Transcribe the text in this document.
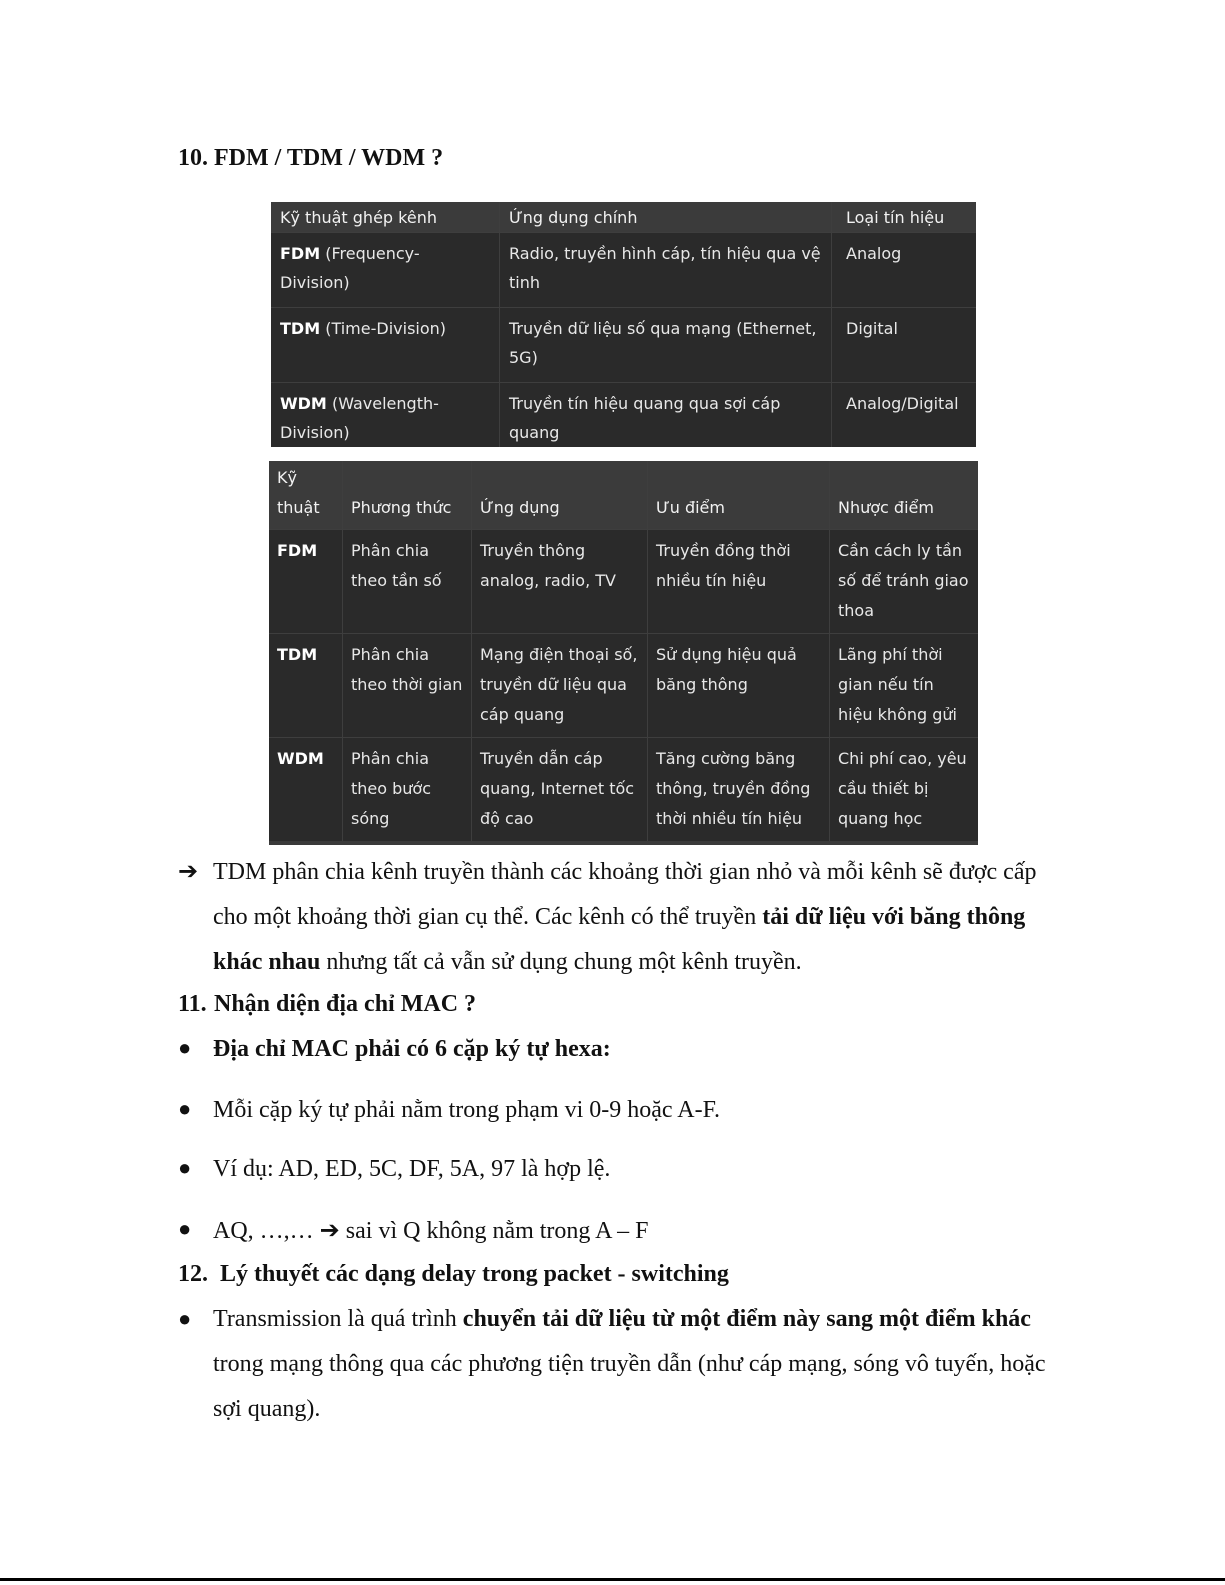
10. FDM / TDM / WDM ?
Kỹ thuật ghép kênh	Ứng dụng chính	Loại tín hiệu
FDM (Frequency-Division)	Radio, truyền hình cáp, tín hiệu qua vệ tinh	Analog
TDM (Time-Division)	Truyền dữ liệu số qua mạng (Ethernet, 5G)	Digital
WDM (Wavelength-Division)	Truyền tín hiệu quang qua sợi cáp quang	Analog/Digital
Kỹ thuật	Phương thức	Ứng dụng	Ưu điểm	Nhược điểm
FDM	Phân chia theo tần số	Truyền thông analog, radio, TV	Truyền đồng thời nhiều tín hiệu	Cần cách ly tần số để tránh giao thoa
TDM	Phân chia theo thời gian	Mạng điện thoại số, truyền dữ liệu qua cáp quang	Sử dụng hiệu quả băng thông	Lãng phí thời gian nếu tín hiệu không gửi
WDM	Phân chia theo bước sóng	Truyền dẫn cáp quang, Internet tốc độ cao	Tăng cường băng thông, truyền đồng thời nhiều tín hiệu	Chi phí cao, yêu cầu thiết bị quang học
➔ TDM phân chia kênh truyền thành các khoảng thời gian nhỏ và mỗi kênh sẽ được cấp cho một khoảng thời gian cụ thể. Các kênh có thể truyền tải dữ liệu với băng thông khác nhau nhưng tất cả vẫn sử dụng chung một kênh truyền.
11. Nhận diện địa chỉ MAC ?
● Địa chỉ MAC phải có 6 cặp ký tự hexa:
● Mỗi cặp ký tự phải nằm trong phạm vi 0-9 hoặc A-F.
● Ví dụ: AD, ED, 5C, DF, 5A, 97 là hợp lệ.
● AQ, …,… ➔ sai vì Q không nằm trong A – F
12. Lý thuyết các dạng delay trong packet - switching
● Transmission là quá trình chuyển tải dữ liệu từ một điểm này sang một điểm khác trong mạng thông qua các phương tiện truyền dẫn (như cáp mạng, sóng vô tuyến, hoặc sợi quang).
